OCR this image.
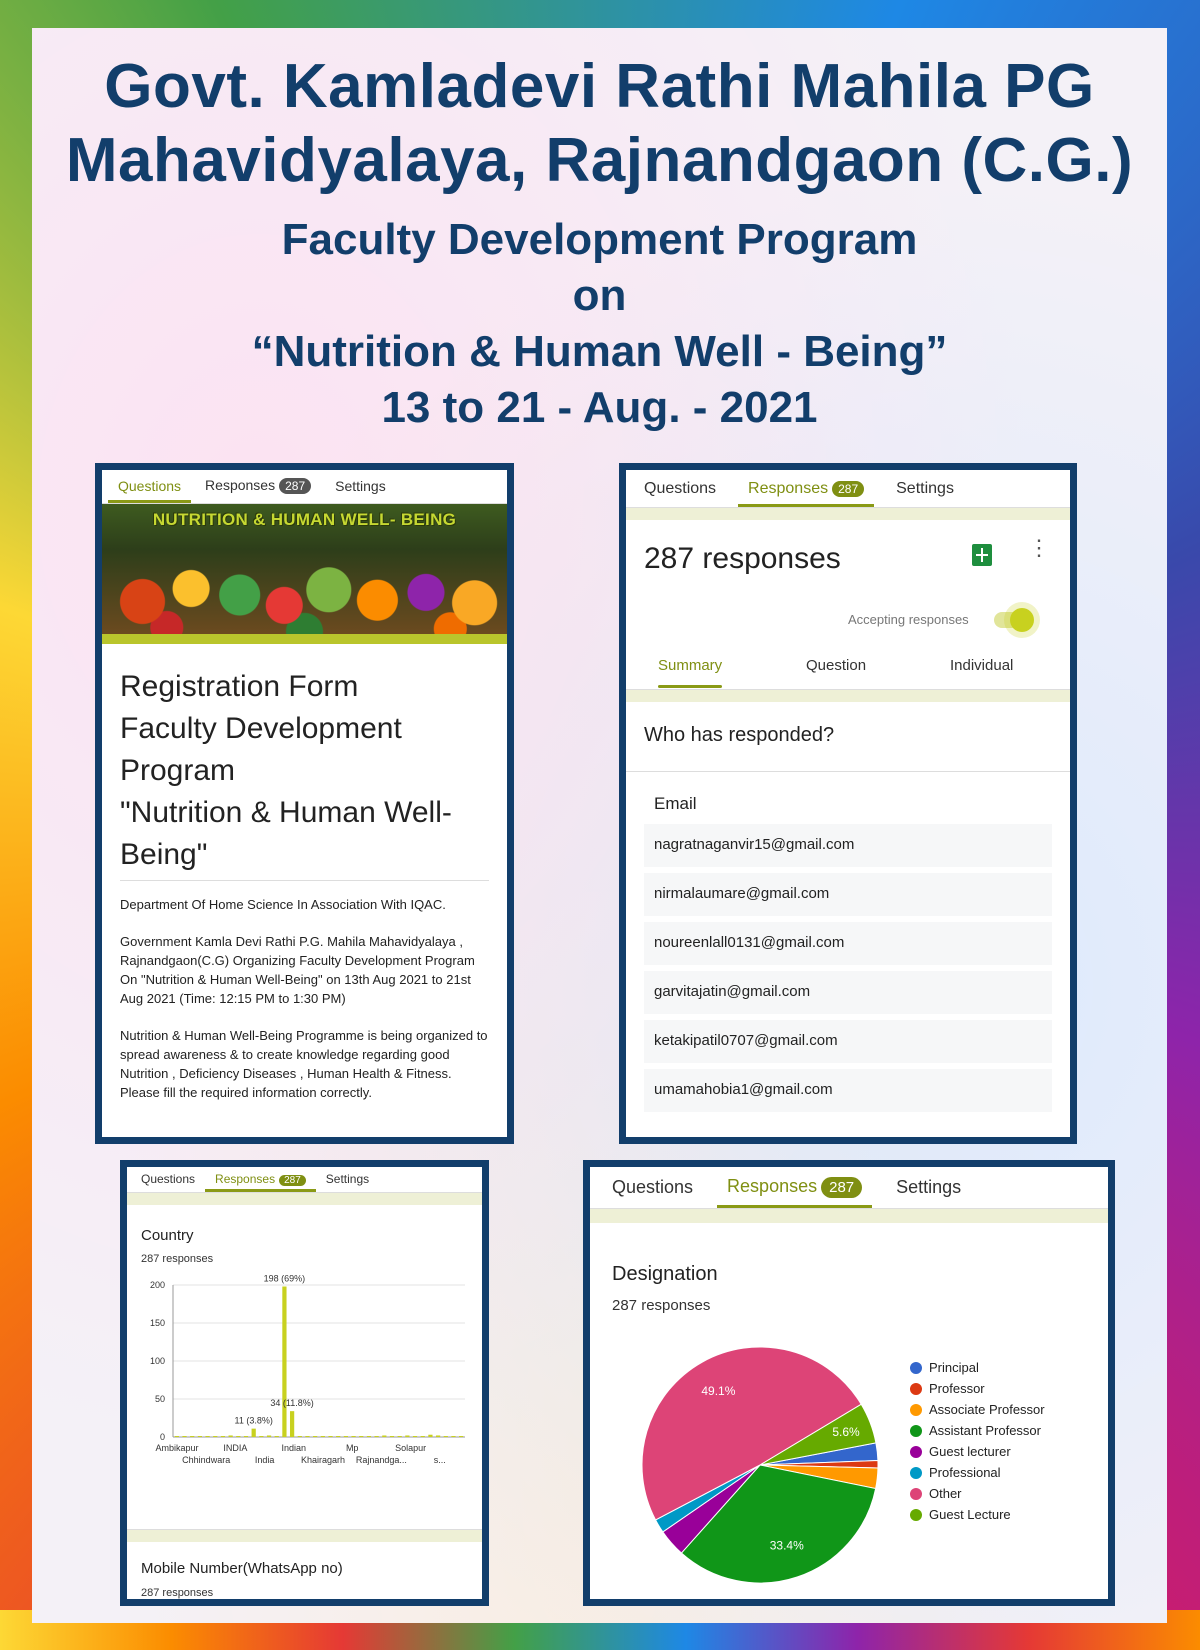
Govt. Kamladevi Rathi Mahila PG
Mahavidyalaya, Rajnandgaon (C.G.)
Faculty Development Program
on
“Nutrition & Human Well - Being”
13 to 21 - Aug. - 2021
Questions Responses 287	Settings
NUTRITION & HUMAN WELL- BEING
Registration Form
Faculty Development
Program
"Nutrition & Human Well-
Being"

Department Of Home Science In Association With IQAC.

Government Kamla Devi Rathi P.G. Mahila Mahavidyalaya , Rajnandgaon(C.G) Organizing Faculty Development Program On "Nutrition & Human Well-Being" on 13th Aug 2021 to 21st Aug 2021 (Time: 12:15 PM to 1:30 PM)

Nutrition & Human Well-Being Programme is being organized to spread awareness & to create knowledge regarding good Nutrition , Deficiency Diseases , Human Health & Fitness.

Please fill the required information correctly.

Questions Responses 287	Settings
287 responses	⋮
Accepting responses
Summary	Question	Individual
Who has responded?
Email
nagratnaganvir15@gmail.com
nirmalaumare@gmail.com
noureenlall0131@gmail.com
garvitajatin@gmail.com
ketakipatil0707@gmail.com
umamahobia1@gmail.com
Questions Responses 287	Settings
Country
287 responses
0
50
100
150
200
11 (3.8%)
198 (69%)
34 (11.8%)
Ambikapur	INDIA	Indian	Mp	Solapur
Chhindwara	India	Khairagarh Rajnandga...	s...
Mobile Number(WhatsApp no)
287 responses
Questions Responses 287	Settings
Designation
287 responses
49.1%
33.4%
5.6%
Principal
Professor
Associate Professor
Assistant Professor
Guest lecturer
Professional
Other
Guest Lecture
